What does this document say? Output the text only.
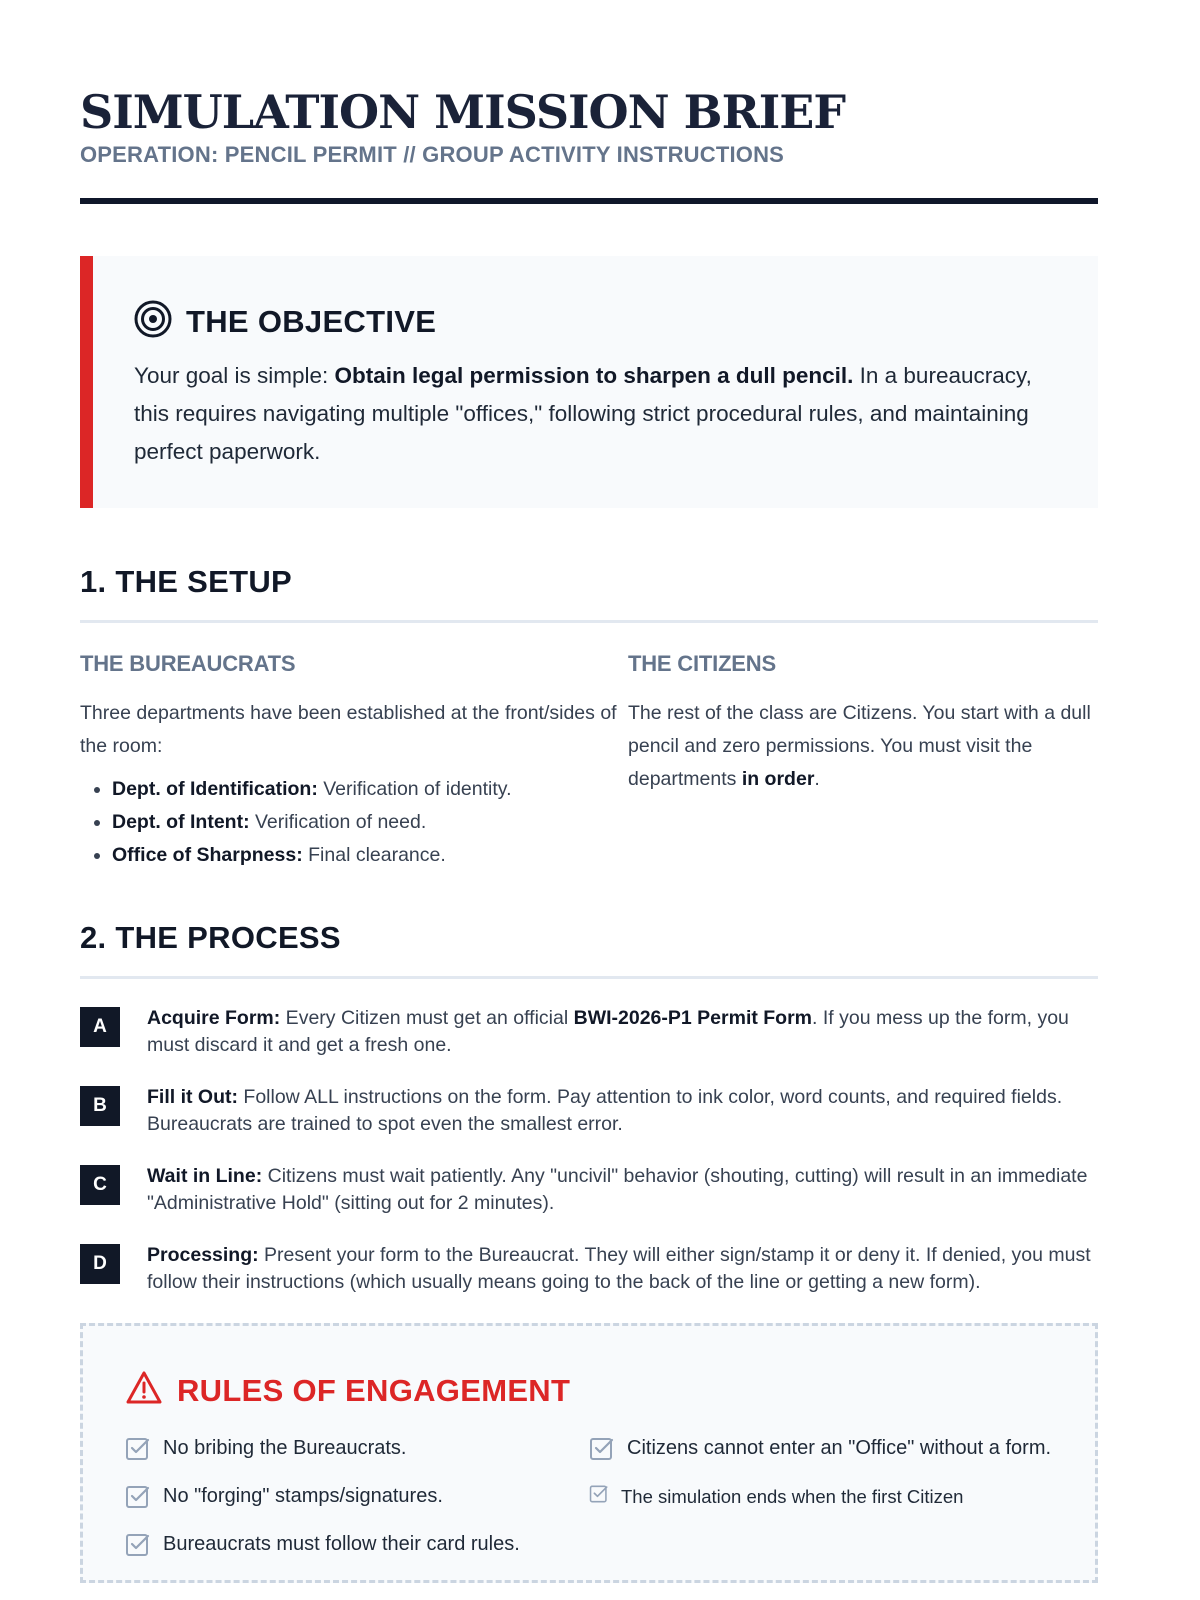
SIMULATION MISSION BRIEF
OPERATION: PENCIL PERMIT // GROUP ACTIVITY INSTRUCTIONS
THE OBJECTIVE
Your goal is simple: Obtain legal permission to sharpen a dull pencil. In a bureaucracy, this requires navigating multiple "offices," following strict procedural rules, and maintaining perfect paperwork.
1. THE SETUP
THE BUREAUCRATS

Three departments have been established at the front/sides of the room:

• Dept. of Identification: Verification of identity.
• Dept. of Intent: Verification of need.
• Office of Sharpness: Final clearance.
THE CITIZENS

The rest of the class are Citizens. You start with a dull pencil and zero permissions. You must visit the departments in order.

2. THE PROCESS
A	Acquire Form: Every Citizen must get an official BWI-2026-P1 Permit Form. If you mess up the form, you must discard it and get a fresh one.
B	Fill it Out: Follow ALL instructions on the form. Pay attention to ink color, word counts, and required fields. Bureaucrats are trained to spot even the smallest error.
C	Wait in Line: Citizens must wait patiently. Any "uncivil" behavior (shouting, cutting) will result in an immediate "Administrative Hold" (sitting out for 2 minutes).
D	Processing: Present your form to the Bureaucrat. They will either sign/stamp it or deny it. If denied, you must follow their instructions (which usually means going to the back of the line or getting a new form).
RULES OF ENGAGEMENT
No bribing the Bureaucrats.
No "forging" stamps/signatures.
Bureaucrats must follow their card rules.
Citizens cannot enter an "Office" without a form.
The simulation ends when the first Citizen
